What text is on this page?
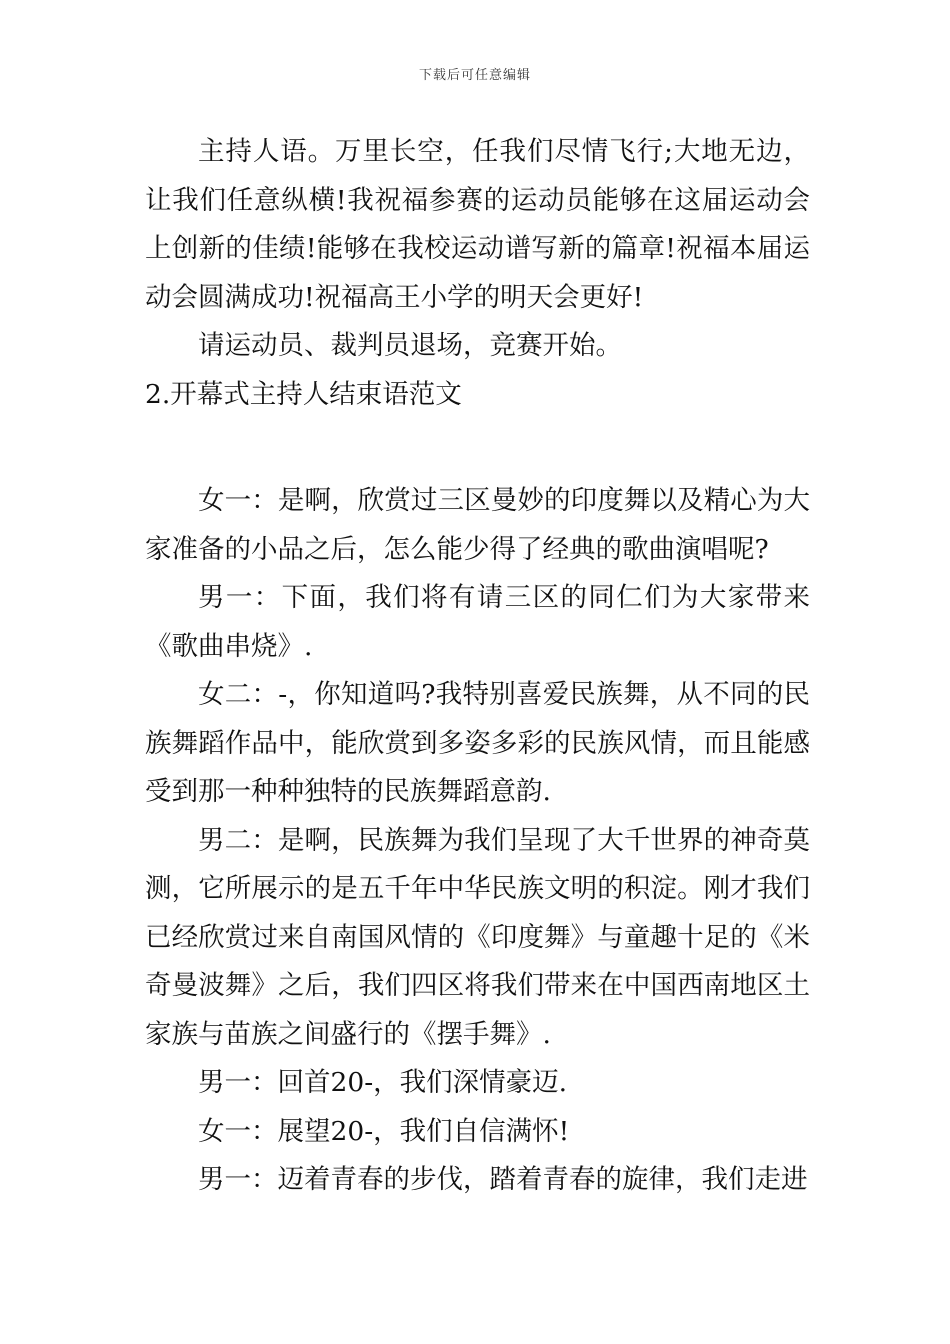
下载后可任意编辑

主持人语。万里长空，任我们尽情飞行;大地无边，让我们任意纵横!我祝福参赛的运动员能够在这届运动会上创新的佳绩!能够在我校运动谱写新的篇章!祝福本届运动会圆满成功!祝福高王小学的明天会更好!

请运动员、裁判员退场，竞赛开始。

2.开幕式主持人结束语范文

女一：是啊，欣赏过三区曼妙的印度舞以及精心为大家准备的小品之后，怎么能少得了经典的歌曲演唱呢?

男一：下面，我们将有请三区的同仁们为大家带来《歌曲串烧》.

女二：-，你知道吗?我特别喜爱民族舞，从不同的民族舞蹈作品中，能欣赏到多姿多彩的民族风情，而且能感受到那一种种独特的民族舞蹈意韵.

男二：是啊，民族舞为我们呈现了大千世界的神奇莫测，它所展示的是五千年中华民族文明的积淀。刚才我们已经欣赏过来自南国风情的《印度舞》与童趣十足的《米奇曼波舞》之后，我们四区将我们带来在中国西南地区土家族与苗族之间盛行的《摆手舞》.

男一：回首20-，我们深情豪迈.

女一：展望20-，我们自信满怀!

男一：迈着青春的步伐，踏着青春的旋律，我们走进
